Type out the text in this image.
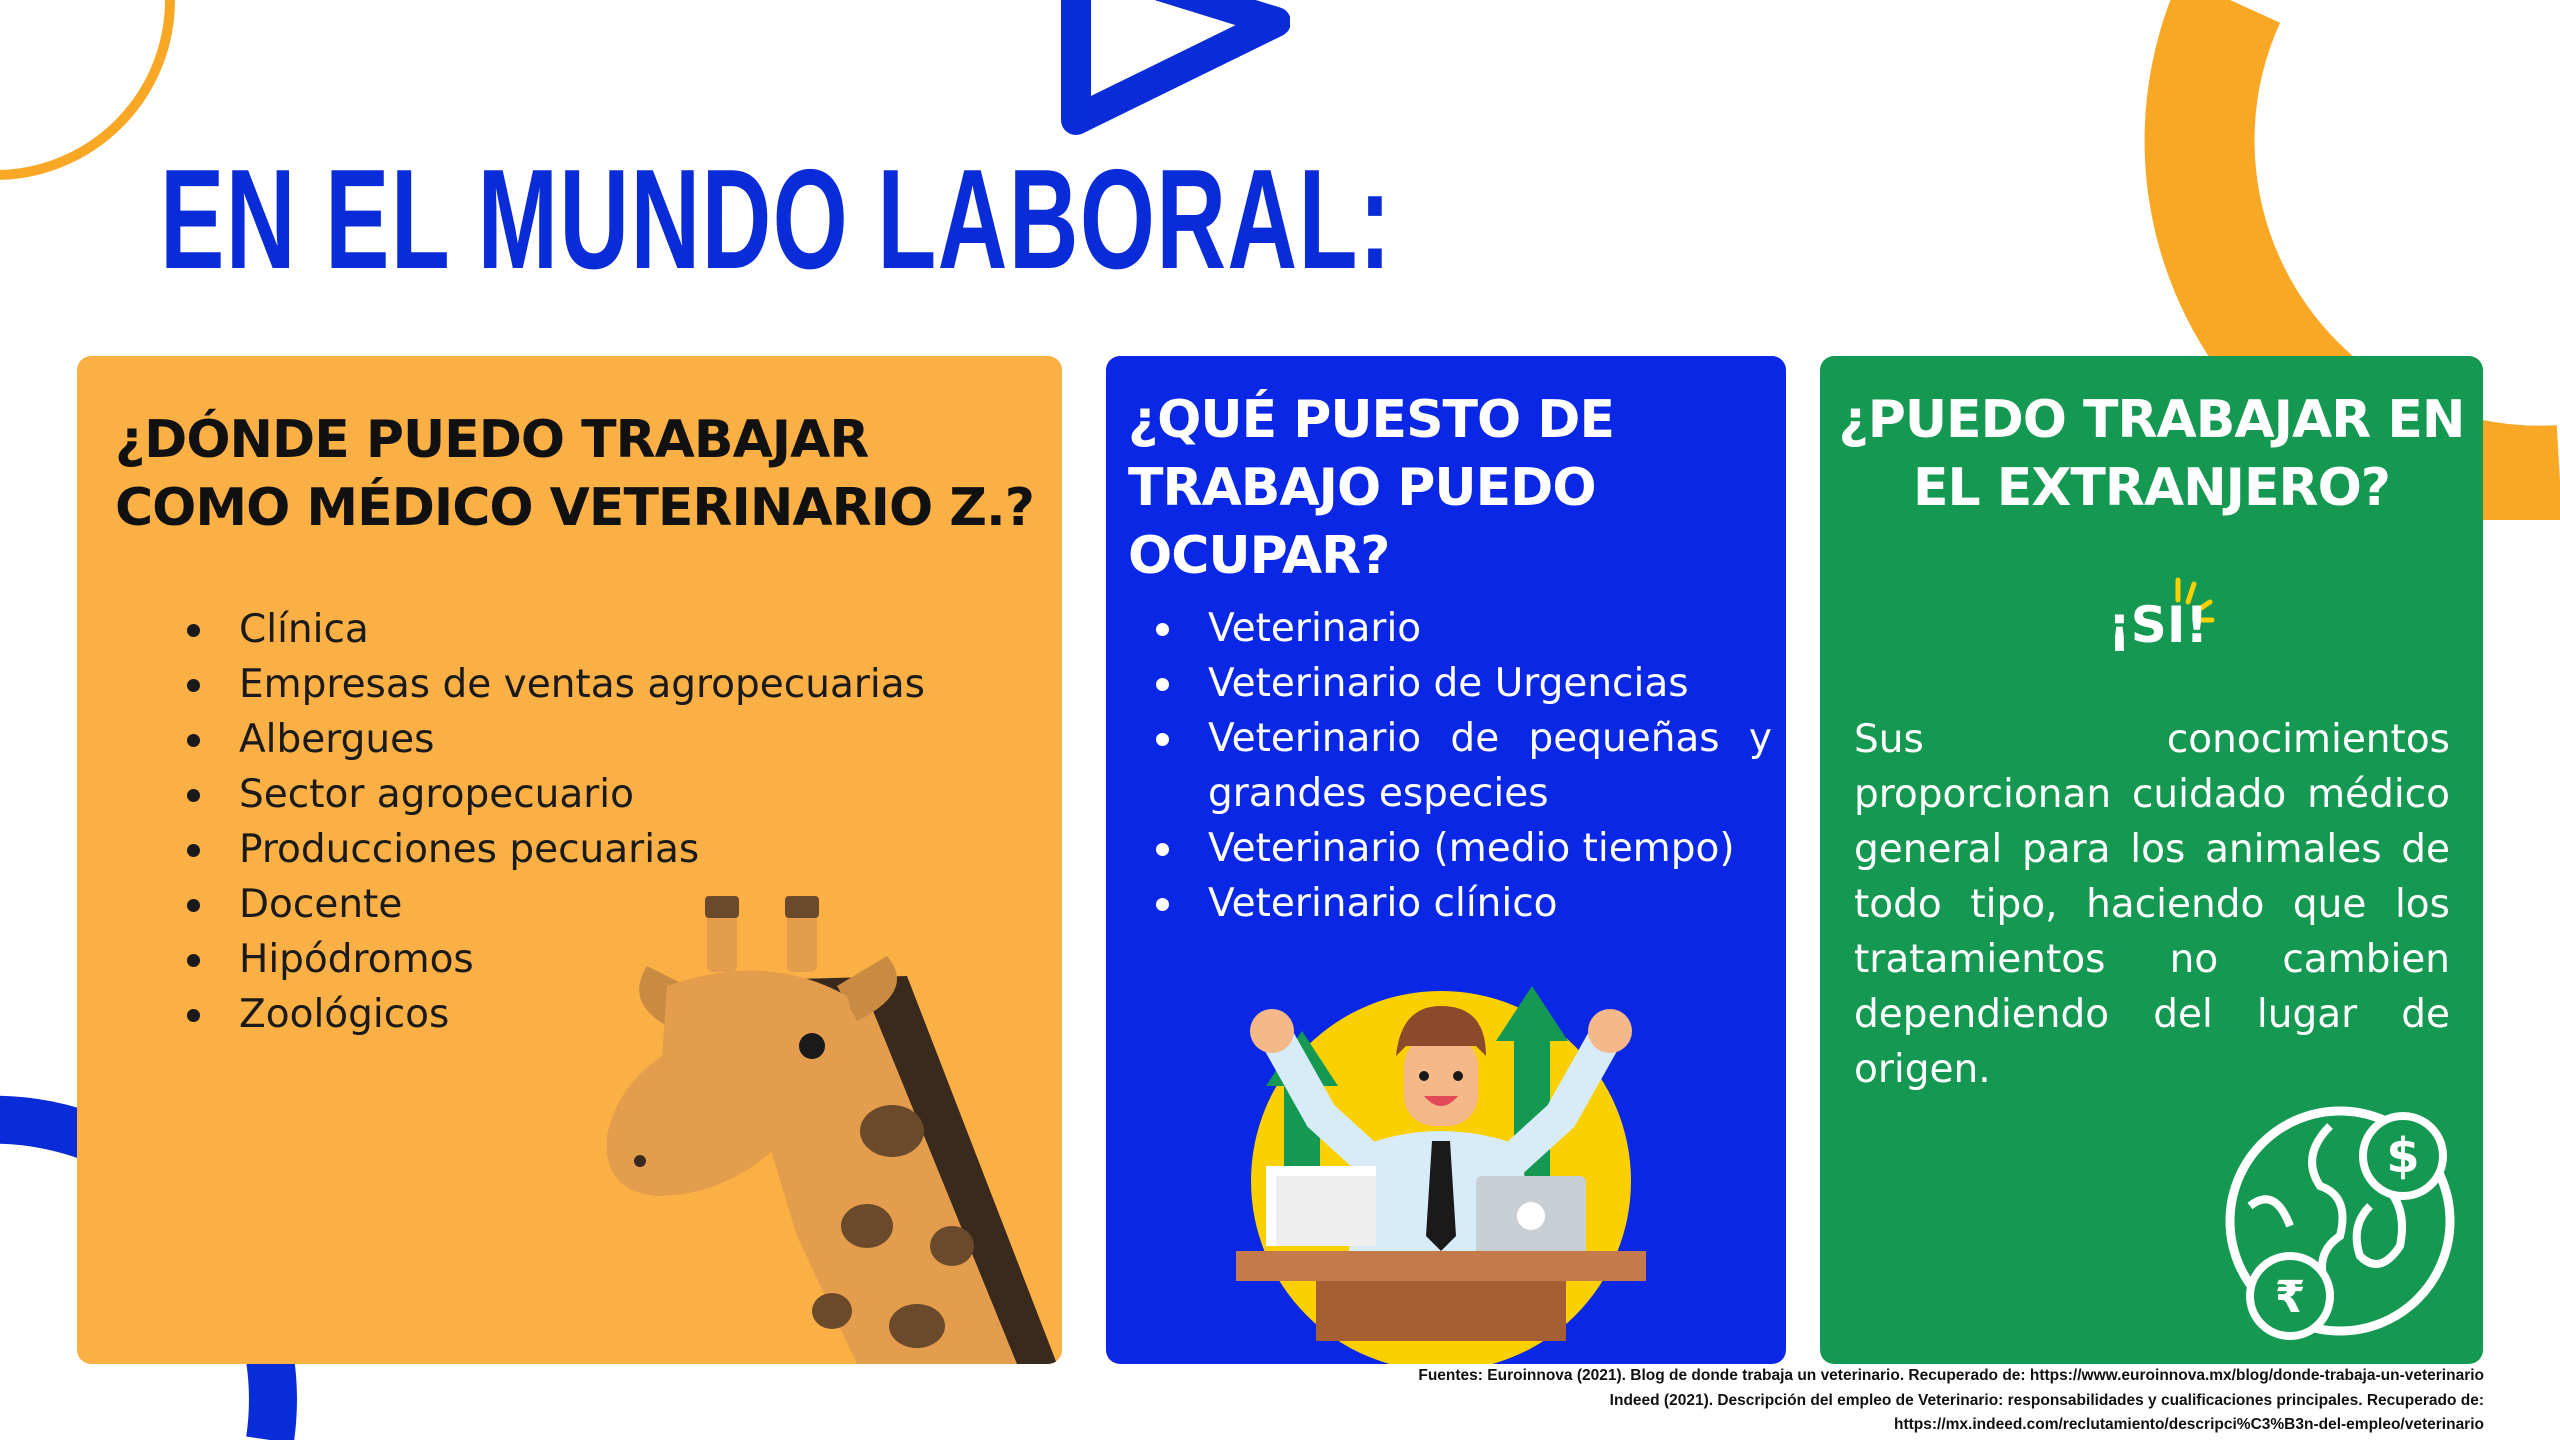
EN EL MUNDO LABORAL:
¿DÓNDE PUEDO TRABAJAR COMO MÉDICO VETERINARIO Z.?
Clínica
Empresas de ventas agropecuarias
Albergues
Sector agropecuario
Producciones pecuarias
Docente
Hipódromos
Zoológicos
¿QUÉ PUESTO DE TRABAJO PUEDO OCUPAR?
Veterinario
Veterinario de Urgencias
Veterinario de pequeñas y grandes especies
Veterinario (medio tiempo)
Veterinario clínico
¿PUEDO TRABAJAR EN EL EXTRANJERO?
¡SI!
Sus conocimientos proporcionan cuidado médico general para los animales de todo tipo, haciendo que los tratamientos no cambien dependiendo del lugar de origen.
$
₹
Fuentes: Euroinnova (2021). Blog de donde trabaja un veterinario. Recuperado de: https://www.euroinnova.mx/blog/donde-trabaja-un-veterinario
Indeed (2021). Descripción del empleo de Veterinario: responsabilidades y cualificaciones principales. Recuperado de:
https://mx.indeed.com/reclutamiento/descripci%C3%B3n-del-empleo/veterinario
